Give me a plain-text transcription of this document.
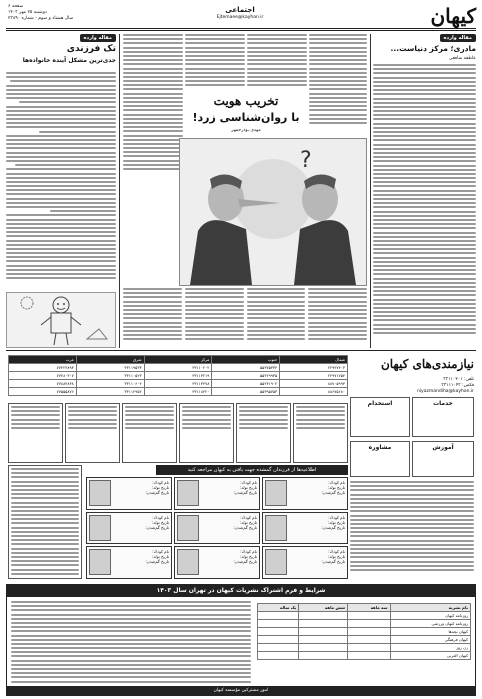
کیهان
اجتماعی
Ejtemaee@kayhan.ir
صفحه ۶
دوشنبه ۲۵ مهر ۱۴۰۳
سال هشتاد و سوم - شماره ۲۳۸۹۰
مقاله وارده
تک فرزندی
جدی‌ترین مشکل آینده خانواده‌ها
تخریب هویت
با روان‌شناسی زرد!
مهدی بوذرجمهر
?
مقاله وارده
مادری؛ مرکز دنیاست...
عاطفه شافعی
نیازمندی‌های کیهان
تلفن: ۳۳۱۱۰۲۰۱
فکس: ۳۳۱۱۱۰۴۳
niyazmandiha@kayhan.ir
شمال	جنوب	مرکز	شرق	غرب
۲۲۹۴۷۴۰۳	۵۵۳۷۵۳۳۴	۳۳۱۱۰۲۰۲	۳۳۱۱۹۵۳۳	۷۷۴۲۳۸۹۳
۲۲۹۷۱۷۵۴	۵۵۳۶۹۹۳۵	۳۳۱۱۳۲۱۹	۳۳۱۱۰۵۲۳	۷۷۴۸۰۳۰۷
۸۸۷۰۵۹۹۳	۵۵۴۳۱۹۰۲	۳۳۱۱۳۴۷۸	۳۳۱۱۰۶۰۴	۷۷۸۸۴۸۳۸
۸۸۶۷۵۶۸۰	۵۵۳۹۵۷۵۳	۳۳۱۱۸۴۲۰	۳۳۱۱۲۹۵۲	۷۷۵۵۵۸۷۶
اطلاعیه‌ها از فرزندان گمشده جهت یافتن به کیهان مراجعه کنید
نام کودک:
تاریخ تولد:
تاریخ گم‌شدن:
نام کودک:
تاریخ تولد:
تاریخ گم‌شدن:
نام کودک:
تاریخ تولد:
تاریخ گم‌شدن:
نام کودک:
تاریخ تولد:
تاریخ گم‌شدن:
نام کودک:
تاریخ تولد:
تاریخ گم‌شدن:
نام کودک:
تاریخ تولد:
تاریخ گم‌شدن:
نام کودک:
تاریخ تولد:
تاریخ گم‌شدن:
نام کودک:
تاریخ تولد:
تاریخ گم‌شدن:
نام کودک:
تاریخ تولد:
تاریخ گم‌شدن:
استخدام	خدمات
مشاوره	آموزش
شرایط و فرم اشتراک نشریات کیهان در تهران سال ۱۴۰۳
نام نشریه	سه ماهه	شش ماهه	یک ساله
روزنامه کیهان			
روزنامه کیهان ورزشی			
کیهان بچه‌ها			
کیهان فرهنگی			
زن روز			
کیهان العربی			
امور مشترکین مؤسسه کیهان
